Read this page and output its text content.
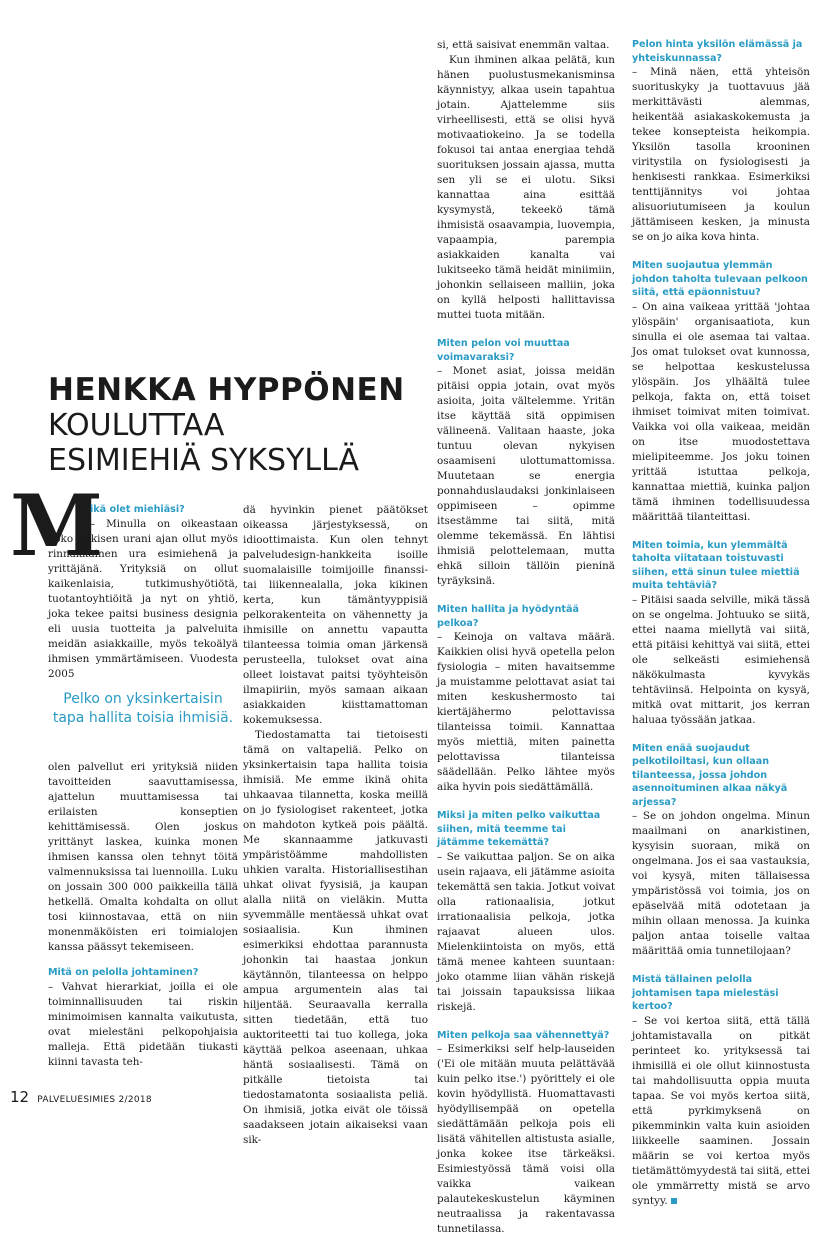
HENKKA HYPPÖNEN
KOULUTTAA
ESIMIEHIÄ SYKSYLLÄ
M
ikä olet miehiäsi?
– Minulla on oikeastaan koko julkisen urani ajan ollut myös rinnakkainen ura esimiehenä ja yrittäjänä. Yrityksiä on ollut kaikenlaisia, tutkimushyötiötä, tuotantoyhtiöitä ja nyt on yhtiö, joka tekee paitsi business designia eli uusia tuotteita ja palveluita meidän asiakkaille, myös tekoälyä ihmisen ymmärtämiseen. Vuodesta 2005
Pelko on yksinkertaisin tapa hallita toisia ihmisiä.

olen palvellut eri yrityksiä niiden tavoitteiden saavuttamisessa, ajattelun muuttamisessa tai erilaisten konseptien kehittämisessä. Olen joskus yrittänyt laskea, kuinka monen ihmisen kanssa olen tehnyt töitä valmennuksissa tai luennoilla. Luku on jossain 300 000 paikkeilla tällä hetkellä. Omalta kohdalta on ollut tosi kiinnostavaa, että on niin monenmäköisten eri toimialojen kanssa päässyt tekemiseen.

Mitä on pelolla johtaminen?

– Vahvat hierarkiat, joilla ei ole toiminnallisuuden tai riskin minimoimisen kannalta vaikutusta, ovat mielestäni pelkopohjaisia malleja. Että pidetään tiukasti kiinni tavasta teh-

dä hyvinkin pienet päätökset oikeassa järjestyksessä, on idioottimaista. Kun olen tehnyt palveludesign-hankkeita isoille suomalaisille toimijoille finanssi- tai liikennealalla, joka kikinen kerta, kun tämäntyyppisiä pelkorakenteita on vähennetty ja ihmisille on annettu vapautta tilanteessa toimia oman järkensä perusteella, tulokset ovat aina olleet loistavat paitsi työyhteisön ilmapiiriin, myös samaan aikaan asiakkaiden kiisttamattoman kokemuksessa.

Tiedostamatta tai tietoisesti tämä on valtapeliä. Pelko on yksinkertaisin tapa hallita toisia ihmisiä. Me emme ikinä ohita uhkaavaa tilannetta, koska meillä on jo fysiologiset rakenteet, jotka on mahdoton kytkeä pois päältä. Me skannaamme jatkuvasti ympäristöämme mahdollisten uhkien varalta. Historiallisestihan uhkat olivat fyysisiä, ja kaupan alalla niitä on vieläkin. Mutta syvemmälle mentäessä uhkat ovat sosiaalisia. Kun ihminen esimerkiksi ehdottaa parannusta johonkin tai haastaa jonkun käytännön, tilanteessa on helppo ampua argumentein alas tai hiljentää. Seuraavalla kerralla sitten tiedetään, että tuo auktoriteetti tai tuo kollega, joka käyttää pelkoa aseenaan, uhkaa häntä sosiaalisesti. Tämä on pitkälle tietoista tai tiedostamatonta sosiaalista peliä. On ihmisiä, jotka eivät ole töissä saadakseen jotain aikaiseksi vaan sik-

si, että saisivat enemmän valtaa.

Kun ihminen alkaa pelätä, kun hänen puolustusmekanisminsa käynnistyy, alkaa usein tapahtua jotain. Ajattelemme siis virheellisesti, että se olisi hyvä motivaatiokeino. Ja se todella fokusoi tai antaa energiaa tehdä suorituksen jossain ajassa, mutta sen yli se ei ulotu. Siksi kannattaa aina esittää kysymystä, tekeekö tämä ihmisistä osaavampia, luovempia, vapaampia, parempia asiakkaiden kanalta vai lukitseeko tämä heidät miniimiin, johonkin sellaiseen malliin, joka on kyllä helposti hallittavissa muttei tuota mitään.

Miten pelon voi muuttaa voimavaraksi?

– Monet asiat, joissa meidän pitäisi oppia jotain, ovat myös asioita, joita vältelemme. Yritän itse käyttää sitä oppimisen välineenä. Valitaan haaste, joka tuntuu olevan nykyisen osaamiseni ulottumattomissa. Muutetaan se energia ponnahduslaudaksi jonkinlaiseen oppimiseen – opimme itsestämme tai siitä, mitä olemme tekemässä. En lähtisi ihmisiä pelottelemaan, mutta ehkä silloin tällöin pieninä tyräyksinä.

Miten hallita ja hyödyntää pelkoa?

– Keinoja on valtava määrä. Kaikkien olisi hyvä opetella pelon fysiologia – miten havaitsemme ja muistamme pelottavat asiat tai miten keskushermosto tai kiertäjähermo pelottavissa tilanteissa toimii. Kannattaa myös miettiä, miten painetta pelottavissa tilanteissa säädellään. Pelko lähtee myös aika hyvin pois siedättämällä.

Miksi ja miten pelko vaikuttaa siihen, mitä teemme tai jätämme tekemättä?

– Se vaikuttaa paljon. Se on aika usein rajaava, eli jätämme asioita tekemättä sen takia. Jotkut voivat olla rationaalisia, jotkut irrationaalisia pelkoja, jotka rajaavat alueen ulos. Mielenkiintoista on myös, että tämä menee kahteen suuntaan: joko otamme liian vähän riskejä tai joissain tapauksissa liikaa riskejä.

Miten pelkoja saa vähennettyä?

– Esimerkiksi self help-lauseiden ('Ei ole mitään muuta pelättävää kuin pelko itse.') pyörittely ei ole kovin hyödyllistä. Huomattavasti hyödyllisempää on opetella siedättämään pelkoja pois eli lisätä vähitellen altistusta asialle, jonka kokee itse tärkeäksi. Esimiestyössä tämä voisi olla vaikka vaikean palautekeskustelun käyminen neutraalissa ja rakentavassa tunnetilassa.

Pelon hinta yksilön elämässä ja yhteiskunnassa?

– Minä näen, että yhteisön suorituskyky ja tuottavuus jää merkittävästi alemmas, heikentää asiakaskokemusta ja tekee konsepteista heikompia. Yksilön tasolla krooninen viritystila on fysiologisesti ja henkisesti rankkaa. Esimerkiksi tenttijännitys voi johtaa alisuoriutumiseen ja koulun jättämiseen kesken, ja minusta se on jo aika kova hinta.

Miten suojautua ylemmän johdon taholta tulevaan pelkoon siitä, että epäonnistuu?

– On aina vaikeaa yrittää 'johtaa ylöspäin' organisaatiota, kun sinulla ei ole asemaa tai valtaa. Jos omat tulokset ovat kunnossa, se helpottaa keskustelussa ylöspäin. Jos ylhäältä tulee pelkoja, fakta on, että toiset ihmiset toimivat miten toimivat. Vaikka voi olla vaikeaa, meidän on itse muodostettava mielipiteemme. Jos joku toinen yrittää istuttaa pelkoja, kannattaa miettiä, kuinka paljon tämä ihminen todellisuudessa määrittää tilanteittasi.

Miten toimia, kun ylemmältä taholta viitataan toistuvasti siihen, että sinun tulee miettiä muita tehtäviä?

– Pitäisi saada selville, mikä tässä on se ongelma. Johtuuko se siitä, ettei naama miellytä vai siitä, että pitäisi kehittyä vai siitä, ettei ole selkeästi esimiehensä näkökulmasta kyvykäs tehtäviinsä. Helpointa on kysyä, mitkä ovat mittarit, jos kerran haluaa työssään jatkaa.

Miten enää suojaudut pelkotiloiltasi, kun ollaan tilanteessa, jossa johdon asennoituminen alkaa näkyä arjessa?

– Se on johdon ongelma. Minun maailmani on anarkistinen, kysyisin suoraan, mikä on ongelmana. Jos ei saa vastauksia, voi kysyä, miten tällaisessa ympäristössä voi toimia, jos on epäselvää mitä odotetaan ja mihin ollaan menossa. Ja kuinka paljon antaa toiselle valtaa määrittää omia tunnetilojaan?

Mistä tällainen pelolla johtamisen tapa mielestäsi kertoo?

– Se voi kertoa siitä, että tällä johtamistavalla on pitkät perinteet ko. yrityksessä tai ihmisillä ei ole ollut kiinnostusta tai mahdollisuutta oppia muuta tapaa. Se voi myös kertoa siitä, että pyrkimyksenä on pikemminkin valta kuin asioiden liikkeelle saaminen. Jossain määrin se voi kertoa myös tietämättömyydestä tai siitä, ettei ole ymmärretty mistä se arvo syntyy.

12 PALVELUESIMIES 2/2018
